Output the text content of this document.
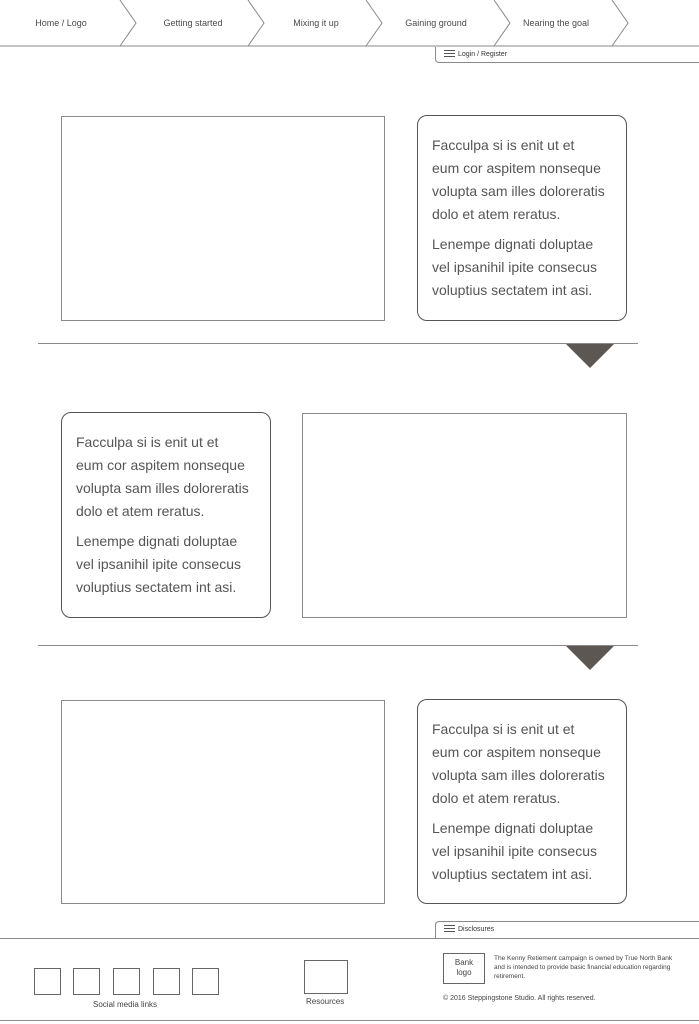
Home / Logo	Getting started	Mixing it up	Gaining ground	Nearing the goal
Login / Register

Facculpa si is enit ut et
eum cor aspitem nonseque
volupta sam illes doloreratis
dolo et atem reratus.

Lenempe dignati doluptae
vel ipsanihil ipite consecus
voluptius sectatem int asi.

Facculpa si is enit ut et
eum cor aspitem nonseque
volupta sam illes doloreratis
dolo et atem reratus.

Lenempe dignati doluptae
vel ipsanihil ipite consecus
voluptius sectatem int asi.

Facculpa si is enit ut et
eum cor aspitem nonseque
volupta sam illes doloreratis
dolo et atem reratus.

Lenempe dignati doluptae
vel ipsanihil ipite consecus
voluptius sectatem int asi.

Disclosures
Social media links	Resources
Bank
logo
The Kenny Retiement campaign is owned by True North Bank and is intended to provide basic financial education regarding retirement.
© 2016 Steppingstone Studio. All rights reserved.
